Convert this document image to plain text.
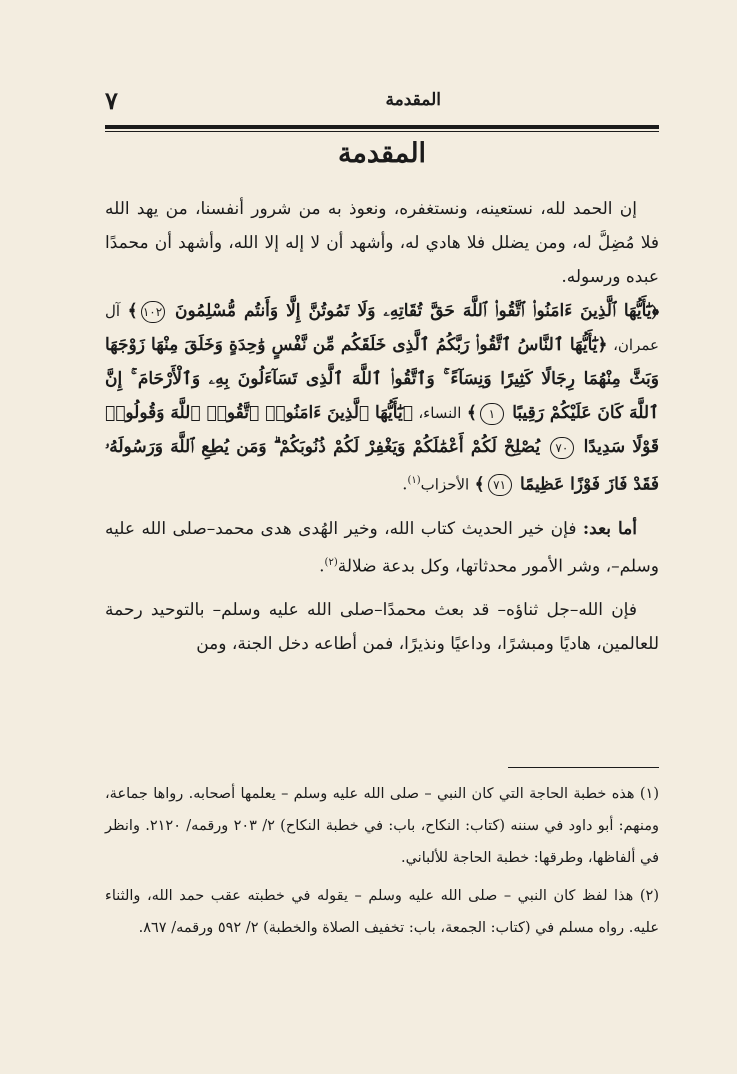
المقدمة
٧
المقدمة

إن الحمد لله، نستعينه، ونستغفره، ونعوذ به من شرور أنفسنا، من يهد الله فلا مُضِلَّ له، ومن يضلل فلا هادي له، وأشهد أن لا إله إلا الله، وأشهد أن محمدًا عبده ورسوله.

﴿يَٰٓأَيُّهَا ٱلَّذِينَ ءَامَنُوا۟ ٱتَّقُوا۟ ٱللَّهَ حَقَّ تُقَاتِهِۦ وَلَا تَمُوتُنَّ إِلَّا وَأَنتُم مُّسْلِمُونَ ١٠٢﴾ آل عمران، ﴿يَٰٓأَيُّهَا ٱلنَّاسُ ٱتَّقُوا۟ رَبَّكُمُ ٱلَّذِى خَلَقَكُم مِّن نَّفْسٍ وَٰحِدَةٍ وَخَلَقَ مِنْهَا زَوْجَهَا وَبَثَّ مِنْهُمَا رِجَالًا كَثِيرًا وَنِسَآءً ۚ وَٱتَّقُوا۟ ٱللَّهَ ٱلَّذِى تَسَآءَلُونَ بِهِۦ وَٱلْأَرْحَامَ ۚ إِنَّ ٱللَّهَ كَانَ عَلَيْكُمْ رَقِيبًا ١﴾ النساء، ﴿يَٰٓأَيُّهَا ٱلَّذِينَ ءَامَنُوا۟ ٱتَّقُوا۟ ٱللَّهَ وَقُولُوا۟ قَوْلًا سَدِيدًا ٧٠ يُصْلِحْ لَكُمْ أَعْمَٰلَكُمْ وَيَغْفِرْ لَكُمْ ذُنُوبَكُمْ ۗ وَمَن يُطِعِ ٱللَّهَ وَرَسُولَهُۥ فَقَدْ فَازَ فَوْزًا عَظِيمًا ٧١﴾ الأحزاب$^{(١)}$.

أما بعد: فإن خير الحديث كتاب الله، وخير الهُدى هدى محمد–صلى الله عليه وسلم–، وشر الأمور محدثاتها، وكل بدعة ضلالة$^{(٢)}$.

فإن الله–جل ثناؤه– قد بعث محمدًا–صلى الله عليه وسلم– بالتوحيد رحمة للعالمين، هاديًا ومبشرًا، وداعيًا ونذيرًا، فمن أطاعه دخل الجنة، ومن

(١) هذه خطبة الحاجة التي كان النبي – صلى الله عليه وسلم – يعلمها أصحابه. رواها جماعة، ومنهم: أبو داود في سننه (كتاب: النكاح، باب: في خطبة النكاح) ٢/ ٢٠٣ ورقمه/ ٢١٢٠. وانظر في ألفاظها، وطرقها: خطبة الحاجة للألباني.

(٢) هذا لفظ كان النبي – صلى الله عليه وسلم – يقوله في خطبته عقب حمد الله، والثناء عليه. رواه مسلم في (كتاب: الجمعة، باب: تخفيف الصلاة والخطبة) ٢/ ٥٩٢ ورقمه/ ٨٦٧.
